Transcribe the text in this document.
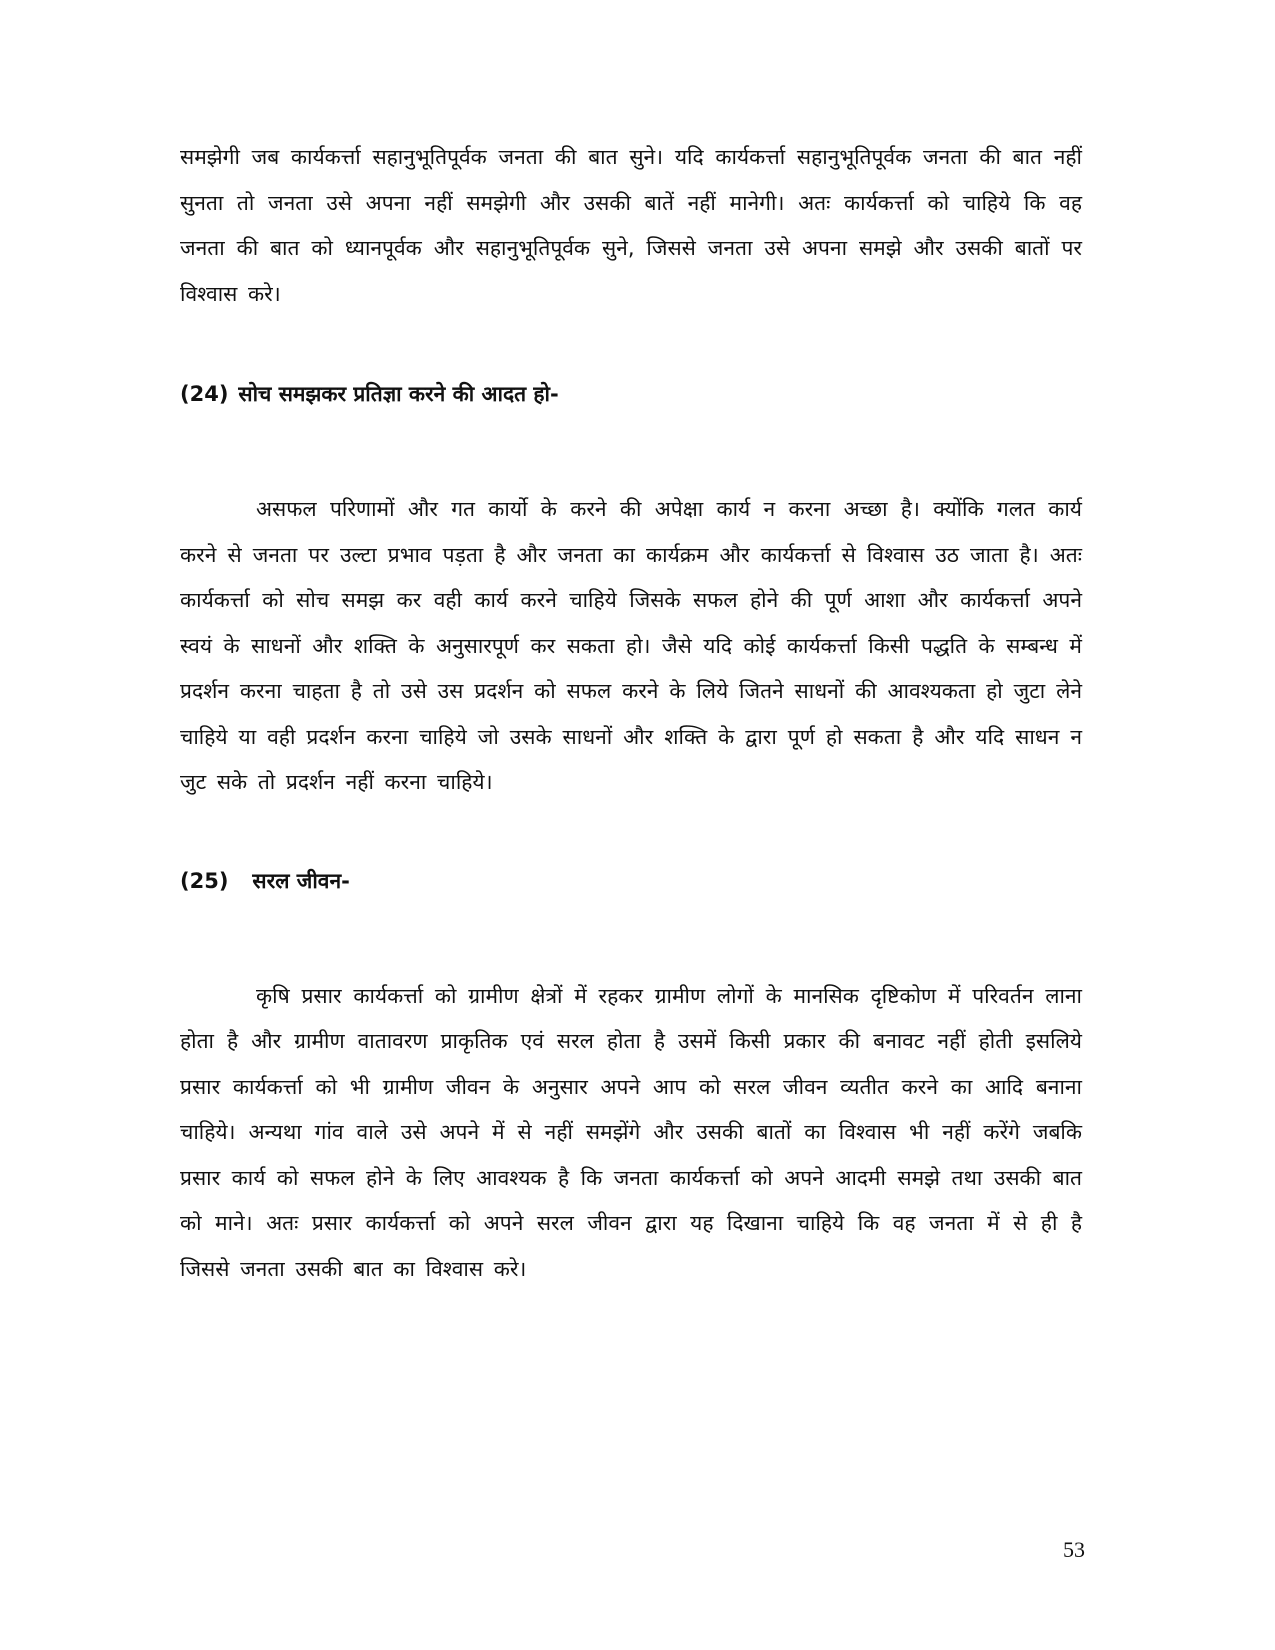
समझेगी जब कार्यकर्त्ता सहानुभूतिपूर्वक जनता की बात सुने। यदि कार्यकर्त्ता सहानुभूतिपूर्वक जनता की बात नहीं सुनता तो जनता उसे अपना नहीं समझेगी और उसकी बातें नहीं मानेगी। अतः कार्यकर्त्ता को चाहिये कि वह जनता की बात को ध्यानपूर्वक और सहानुभूतिपूर्वक सुने, जिससे जनता उसे अपना समझे और उसकी बातों पर विश्वास करे।

(24) सोच समझकर प्रतिज्ञा करने की आदत हो-

असफल परिणामों और गत कार्यो के करने की अपेक्षा कार्य न करना अच्छा है। क्योंकि गलत कार्य करने से जनता पर उल्टा प्रभाव पड़ता है और जनता का कार्यक्रम और कार्यकर्त्ता से विश्वास उठ जाता है। अतः कार्यकर्त्ता को सोच समझ कर वही कार्य करने चाहिये जिसके सफल होने की पूर्ण आशा और कार्यकर्त्ता अपने स्वयं के साधनों और शक्ति के अनुसारपूर्ण कर सकता हो। जैसे यदि कोई कार्यकर्त्ता किसी पद्धति के सम्बन्ध में प्रदर्शन करना चाहता है तो उसे उस प्रदर्शन को सफल करने के लिये जितने साधनों की आवश्यकता हो जुटा लेने चाहिये या वही प्रदर्शन करना चाहिये जो उसके साधनों और शक्ति के द्वारा पूर्ण हो सकता है और यदि साधन न जुट सके तो प्रदर्शन नहीं करना चाहिये।

(25) सरल जीवन-

कृषि प्रसार कार्यकर्त्ता को ग्रामीण क्षेत्रों में रहकर ग्रामीण लोगों के मानसिक दृष्टिकोण में परिवर्तन लाना होता है और ग्रामीण वातावरण प्राकृतिक एवं सरल होता है उसमें किसी प्रकार की बनावट नहीं होती इसलिये प्रसार कार्यकर्त्ता को भी ग्रामीण जीवन के अनुसार अपने आप को सरल जीवन व्यतीत करने का आदि बनाना चाहिये। अन्यथा गांव वाले उसे अपने में से नहीं समझेंगे और उसकी बातों का विश्वास भी नहीं करेंगे जबकि प्रसार कार्य को सफल होने के लिए आवश्यक है कि जनता कार्यकर्त्ता को अपने आदमी समझे तथा उसकी बात को माने। अतः प्रसार कार्यकर्त्ता को अपने सरल जीवन द्वारा यह दिखाना चाहिये कि वह जनता में से ही है जिससे जनता उसकी बात का विश्वास करे।

53
